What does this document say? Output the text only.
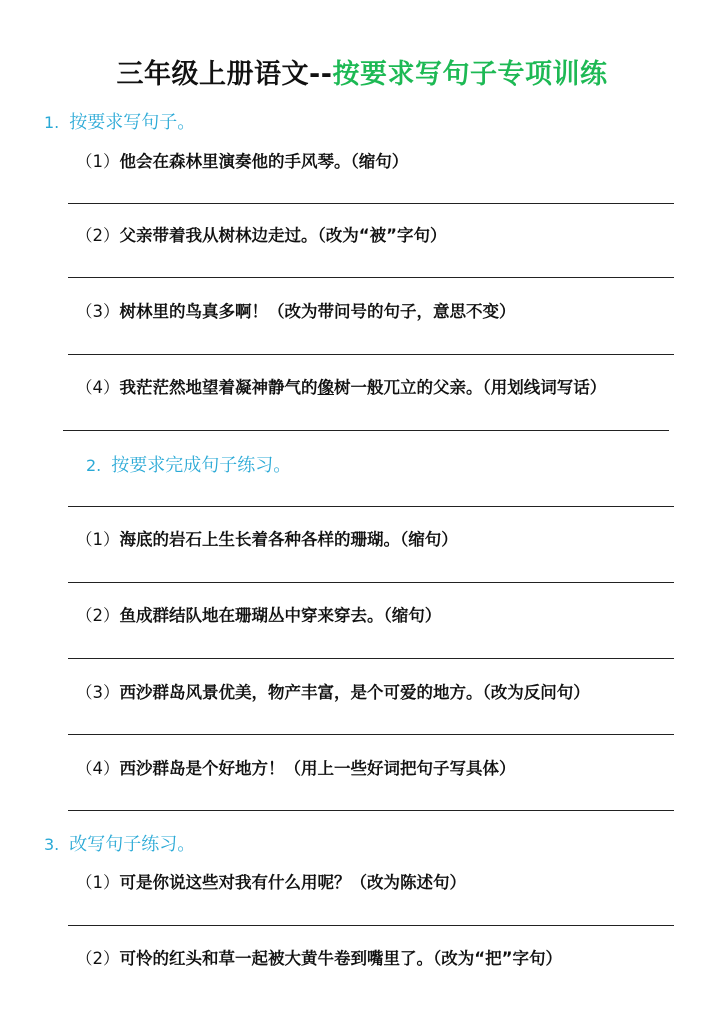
三年级上册语文--按要求写句子专项训练
1. 按要求写句子。
（1）他会在森林里演奏他的手风琴。（缩句）
（2）父亲带着我从树林边走过。（改为“被”字句）
（3）树林里的鸟真多啊！（改为带问号的句子，意思不变）
（4）我茫茫然地望着凝神静气的像树一般兀立的父亲。（用划线词写话）
2. 按要求完成句子练习。
（1）海底的岩石上生长着各种各样的珊瑚。（缩句）
（2）鱼成群结队地在珊瑚丛中穿来穿去。（缩句）
（3）西沙群岛风景优美，物产丰富，是个可爱的地方。（改为反问句）
（4）西沙群岛是个好地方！（用上一些好词把句子写具体）
3. 改写句子练习。
（1）可是你说这些对我有什么用呢？（改为陈述句）
（2）可怜的红头和草一起被大黄牛卷到嘴里了。（改为“把”字句）
